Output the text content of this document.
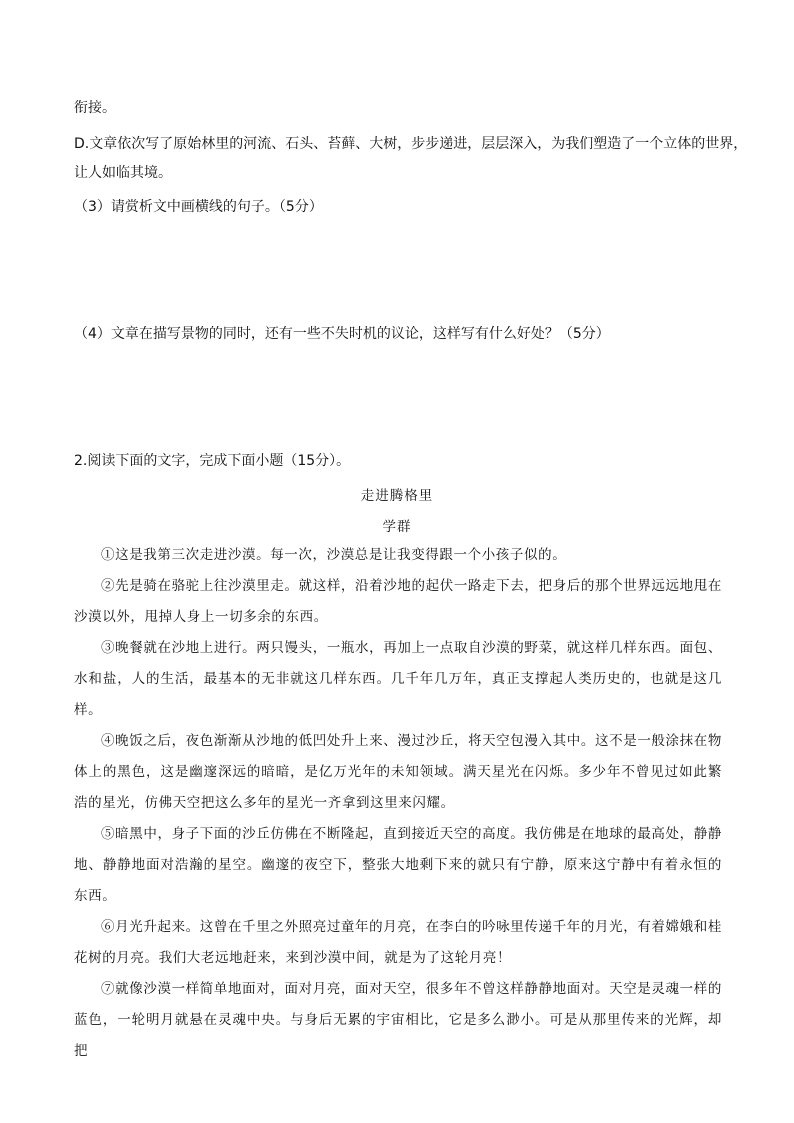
衔接。
D.文章依次写了原始林里的河流、石头、苔藓、大树，步步递进，层层深入，为我们塑造了一个立体的世界，
让人如临其境。
（3）请赏析文中画横线的句子。（5分）
（4）文章在描写景物的同时，还有一些不失时机的议论，这样写有什么好处？（5分）
2.阅读下面的文字，完成下面小题（15分）。
走进腾格里
学群

①这是我第三次走进沙漠。每一次，沙漠总是让我变得跟一个小孩子似的。

②先是骑在骆驼上往沙漠里走。就这样，沿着沙地的起伏一路走下去，把身后的那个世界远远地甩在沙漠以外，甩掉人身上一切多余的东西。

③晚餐就在沙地上进行。两只馒头，一瓶水，再加上一点取自沙漠的野菜，就这样几样东西。面包、水和盐，人的生活，最基本的无非就这几样东西。几千年几万年，真正支撑起人类历史的，也就是这几样。

④晚饭之后，夜色渐渐从沙地的低凹处升上来、漫过沙丘，将天空包漫入其中。这不是一般涂抹在物体上的黑色，这是幽邃深远的暗暗，是亿万光年的未知领域。满天星光在闪烁。多少年不曾见过如此繁浩的星光，仿佛天空把这么多年的星光一齐拿到这里来闪耀。

⑤暗黑中，身子下面的沙丘仿佛在不断隆起，直到接近天空的高度。我仿佛是在地球的最高处，静静地、静静地面对浩瀚的星空。幽邃的夜空下，整张大地剩下来的就只有宁静，原来这宁静中有着永恒的东西。

⑥月光升起来。这曾在千里之外照亮过童年的月亮，在李白的吟咏里传递千年的月光，有着嫦娥和桂花树的月亮。我们大老远地赶来，来到沙漠中间，就是为了这轮月亮！

⑦就像沙漠一样简单地面对，面对月亮，面对天空，很多年不曾这样静静地面对。天空是灵魂一样的蓝色，一轮明月就悬在灵魂中央。与身后无累的宇宙相比，它是多么渺小。可是从那里传来的光辉，却把
